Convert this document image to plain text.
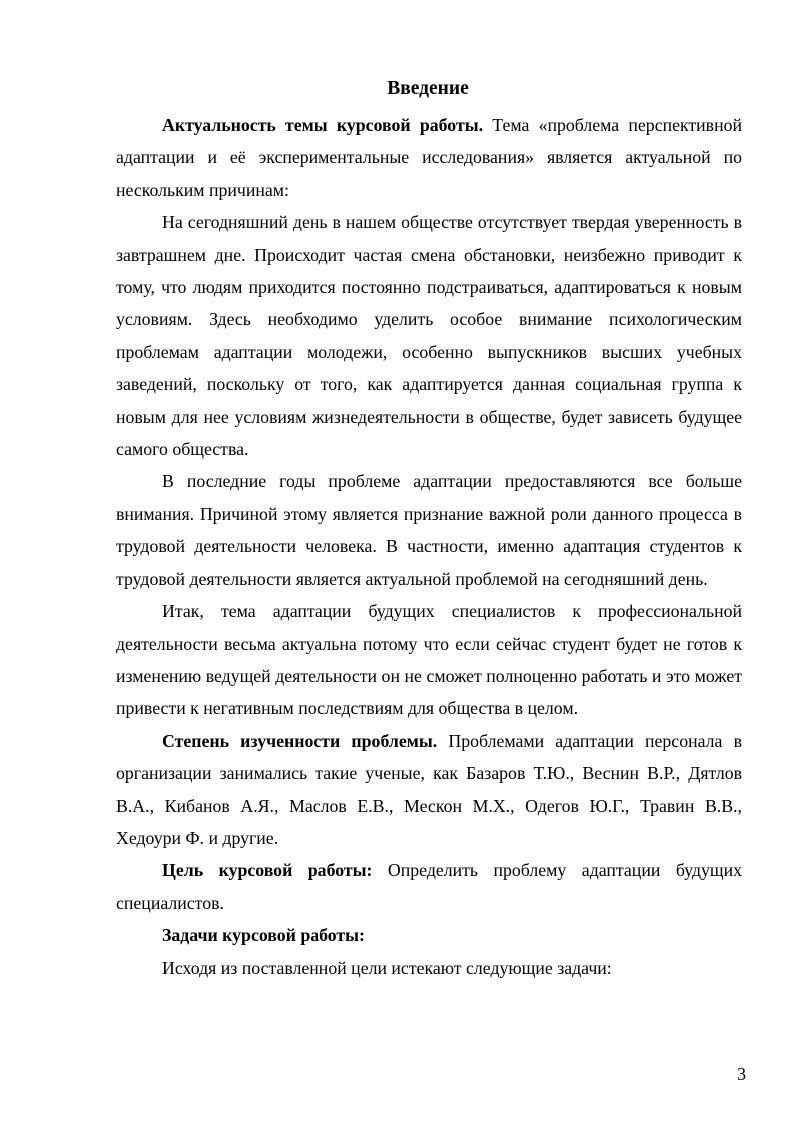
Введение

Актуальность темы курсовой работы. Тема «проблема перспективной адаптации и её экспериментальные исследования» является актуальной по нескольким причинам:

На сегодняшний день в нашем обществе отсутствует твердая уверенность в завтрашнем дне. Происходит частая смена обстановки, неизбежно приводит к тому, что людям приходится постоянно подстраиваться, адаптироваться к новым условиям. Здесь необходимо уделить особое внимание психологическим проблемам адаптации молодежи, особенно выпускников высших учебных заведений, поскольку от того, как адаптируется данная социальная группа к новым для нее условиям жизнедеятельности в обществе, будет зависеть будущее самого общества.

В последние годы проблеме адаптации предоставляются все больше внимания. Причиной этому является признание важной роли данного процесса в трудовой деятельности человека. В частности, именно адаптация студентов к трудовой деятельности является актуальной проблемой на сегодняшний день.

Итак, тема адаптации будущих специалистов к профессиональной деятельности весьма актуальна потому что если сейчас студент будет не готов к изменению ведущей деятельности он не сможет полноценно работать и это может привести к негативным последствиям для общества в целом.

Степень изученности проблемы. Проблемами адаптации персонала в организации занимались такие ученые, как Базаров Т.Ю., Веснин В.Р., Дятлов В.А., Кибанов А.Я., Маслов Е.В., Мескон М.Х., Одегов Ю.Г., Травин В.В., Хедоури Ф. и другие.

Цель курсовой работы: Определить проблему адаптации будущих специалистов.

Задачи курсовой работы:

Исходя из поставленной цели истекают следующие задачи:

3
